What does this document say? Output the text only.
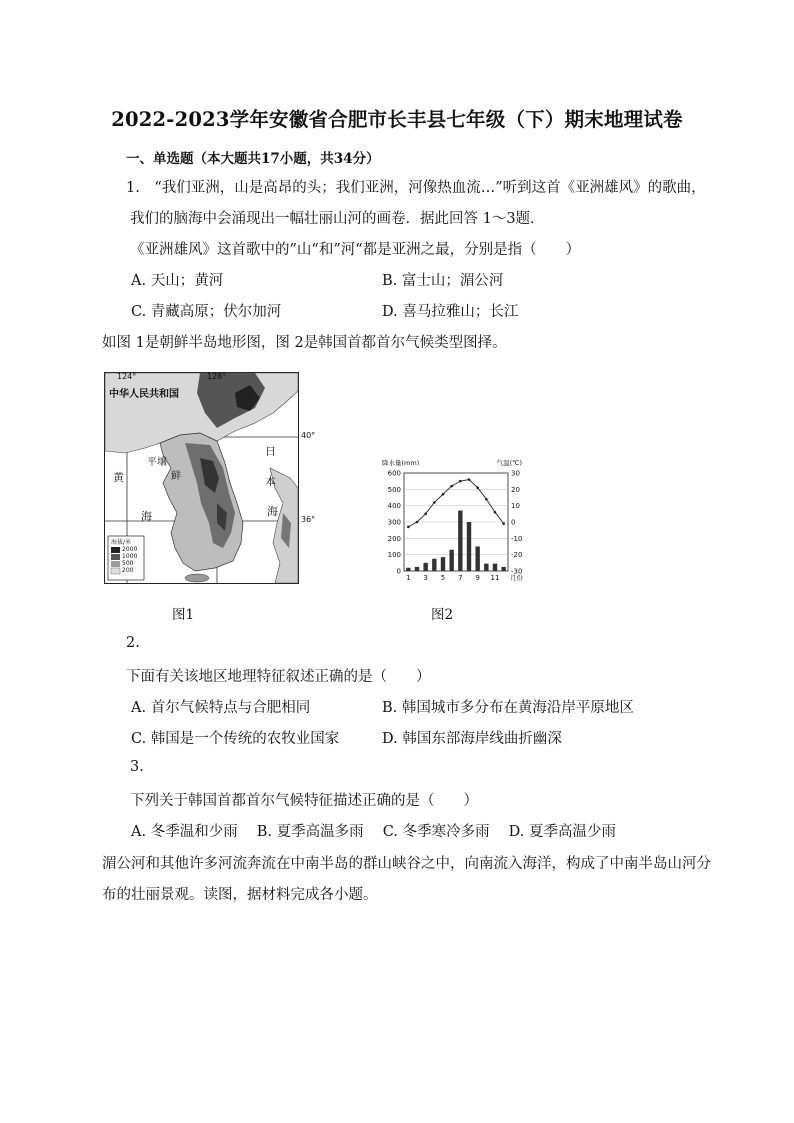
2022-2023学年安徽省合肥市长丰县七年级（下）期末地理试卷
一、单选题（本大题共17小题，共34分）
1.　“我们亚洲，山是高昂的头；我们亚洲，河像热血流…”听到这首《亚洲雄风》的歌曲，
我们的脑海中会涌现出一幅壮丽山河的画卷．据此回答 1～3题．
《亚洲雄风》这首歌中的”山“和”河“都是亚洲之最，分别是指（　　）
A. 天山；黄河	B. 富士山；湄公河
C. 青藏高原；伏尔加河	D. 喜马拉雅山；长江
如图 1是朝鲜半岛地形图，图 2是韩国首都首尔气候类型图择。
124°	128°
40°
36°
中华人民共和国
平壤
鲜
黄
海
日
本
海
海拔/米
2000
1000
500
200	0
100
200
300
400
500
600
-30
-20
-10
0
10
20
30
降水量(mm)	气温(℃)
1 3 5 7 9 11 月份
图1	图2
2.
下面有关该地区地理特征叙述正确的是（　　）
A. 首尔气候特点与合肥相同	B. 韩国城市多分布在黄海沿岸平原地区
C. 韩国是一个传统的农牧业国家	D. 韩国东部海岸线曲折幽深
3.
下列关于韩国首都首尔气候特征描述正确的是（　　）
A. 冬季温和少雨　 B. 夏季高温多雨　 C. 冬季寒冷多雨　 D. 夏季高温少雨
湄公河和其他许多河流奔流在中南半岛的群山峡谷之中，向南流入海洋，构成了中南半岛山河分
布的壮丽景观。读图，据材料完成各小题。
